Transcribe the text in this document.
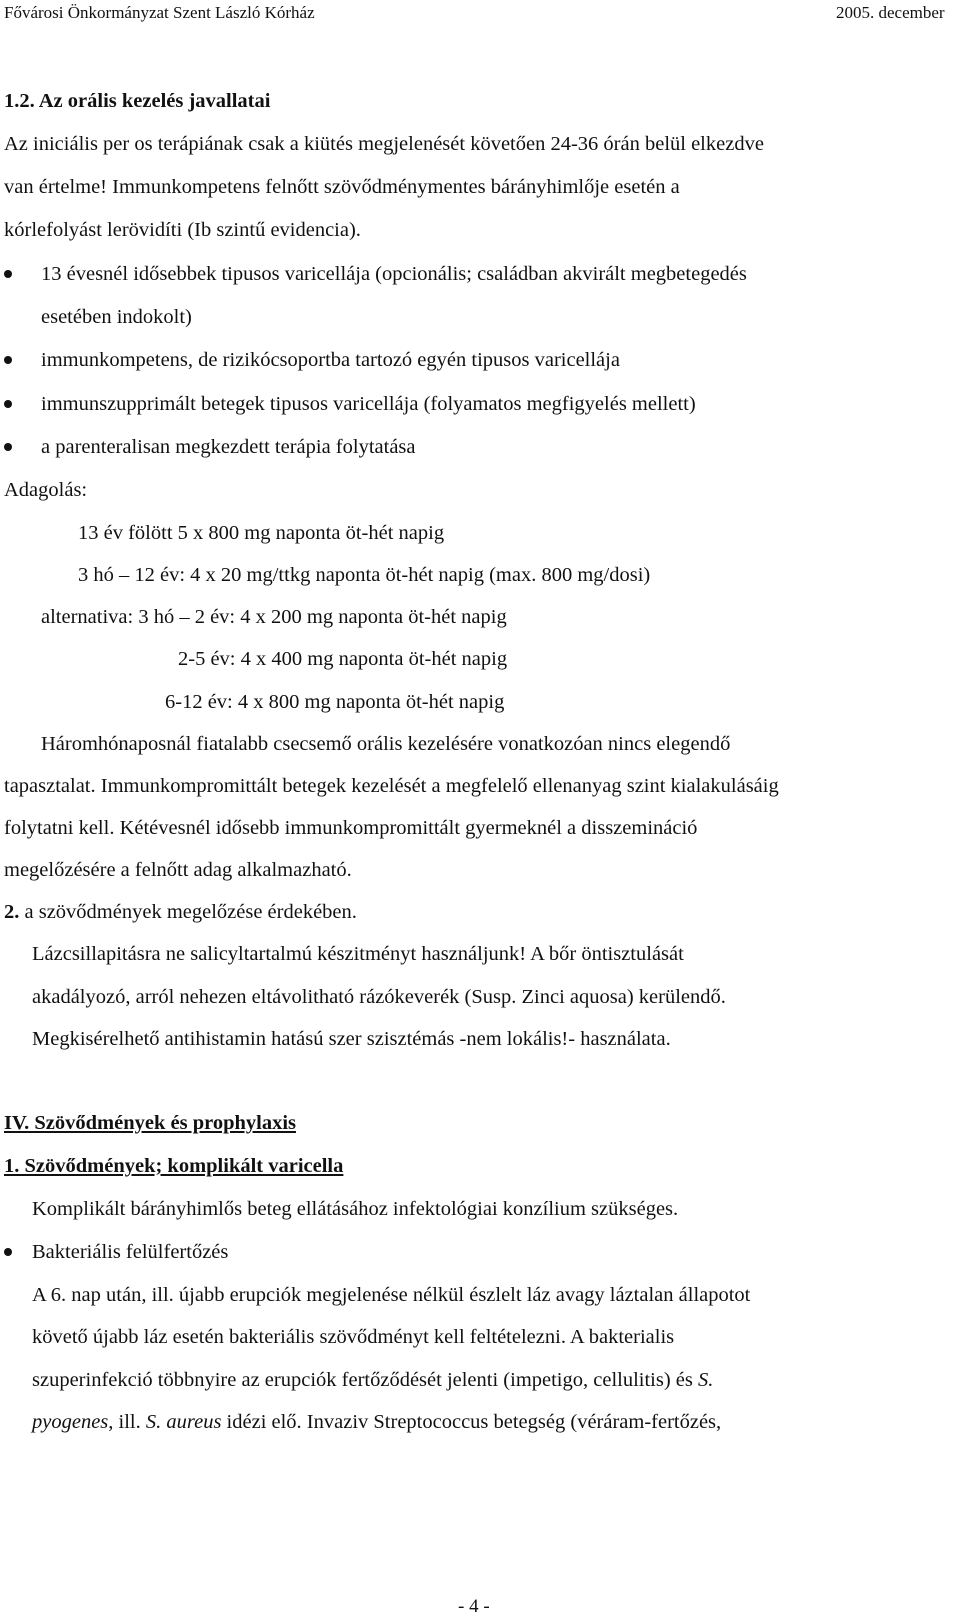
Fővárosi Önkormányzat Szent László Kórház	2005. december
1.2. Az orális kezelés javallatai
Az iniciális per os terápiának csak a kiütés megjelenését követően 24-36 órán belül elkezdve
van értelme! Immunkompetens felnőtt szövődménymentes bárányhimlője esetén a
kórlefolyást lerövidíti (Ib szintű evidencia).
13 évesnél idősebbek tipusos varicellája (opcionális; családban akvirált megbetegedés
esetében indokolt)
immunkompetens, de rizikócsoportba tartozó egyén tipusos varicellája
immunszupprimált betegek tipusos varicellája (folyamatos megfigyelés mellett)
a parenteralisan megkezdett terápia folytatása
Adagolás:
13 év fölött 5 x 800 mg naponta öt-hét napig
3 hó – 12 év: 4 x 20 mg/ttkg naponta öt-hét napig (max. 800 mg/dosi)
alternativa: 3 hó – 2 év: 4 x 200 mg naponta öt-hét napig
2-5 év: 4 x 400 mg naponta öt-hét napig
6-12 év: 4 x 800 mg naponta öt-hét napig
Háromhónaposnál fiatalabb csecsemő orális kezelésére vonatkozóan nincs elegendő
tapasztalat. Immunkompromittált betegek kezelését a megfelelő ellenanyag szint kialakulásáig
folytatni kell. Kétévesnél idősebb immunkompromittált gyermeknél a disszemináció
megelőzésére a felnőtt adag alkalmazható.
2. a szövődmények megelőzése érdekében.
Lázcsillapitásra ne salicyltartalmú készitményt használjunk! A bőr öntisztulását
akadályozó, arról nehezen eltávolitható rázókeverék (Susp. Zinci aquosa) kerülendő.
Megkisérelhető antihistamin hatású szer szisztémás -nem lokális!- használata.
IV. Szövődmények és prophylaxis
1. Szövődmények; komplikált varicella
Komplikált bárányhimlős beteg ellátásához infektológiai konzílium szükséges.
Bakteriális felülfertőzés
A 6. nap után, ill. újabb erupciók megjelenése nélkül észlelt láz avagy láztalan állapotot
követő újabb láz esetén bakteriális szövődményt kell feltételezni. A bakterialis
szuperinfekció többnyire az erupciók fertőződését jelenti (impetigo, cellulitis) és S.
pyogenes, ill. S. aureus idézi elő. Invaziv Streptococcus betegség (véráram-fertőzés,
- 4 -
